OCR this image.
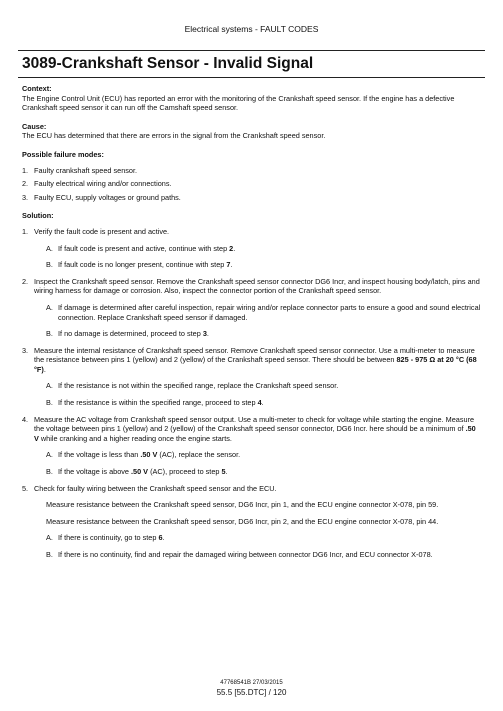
Electrical systems - FAULT CODES
3089-Crankshaft Sensor - Invalid Signal

Context:

The Engine Control Unit (ECU) has reported an error with the monitoring of the Crankshaft speed sensor. If the engine has a defective Crankshaft speed sensor it can run off the Camshaft speed sensor.

Cause:

The ECU has determined that there are errors in the signal from the Crankshaft speed sensor.

Possible failure modes:

1. Faulty crankshaft speed sensor.
2. Faulty electrical wiring and/or connections.
3. Faulty ECU, supply voltages or ground paths.

Solution:

1. Verify the fault code is present and active.
A. If fault code is present and active, continue with step 2.
B. If fault code is no longer present, continue with step 7.
2. Inspect the Crankshaft speed sensor. Remove the Crankshaft speed sensor connector DG6 Incr, and inspect housing body/latch, pins and wiring harness for damage or corrosion. Also, inspect the connector portion of the Crankshaft speed sensor.
A. If damage is determined after careful inspection, repair wiring and/or replace connector parts to ensure a good and sound electrical connection. Replace Crankshaft speed sensor if damaged.
B. If no damage is determined, proceed to step 3.
3. Measure the internal resistance of Crankshaft speed sensor. Remove Crankshaft speed sensor connector. Use a multi-meter to measure the resistance between pins 1 (yellow) and 2 (yellow) of the Crankshaft speed sensor. There should be between 825 - 975 Ω at 20 °C (68 °F).
A. If the resistance is not within the specified range, replace the Crankshaft speed sensor.
B. If the resistance is within the specified range, proceed to step 4.
4. Measure the AC voltage from Crankshaft speed sensor output. Use a multi-meter to check for voltage while starting the engine. Measure the voltage between pins 1 (yellow) and 2 (yellow) of the Crankshaft speed sensor connector, DG6 Incr. here should be a minimum of .50 V while cranking and a higher reading once the engine starts.
A. If the voltage is less than .50 V (AC), replace the sensor.
B. If the voltage is above .50 V (AC), proceed to step 5.
5. Check for faulty wiring between the Crankshaft speed sensor and the ECU.
Measure resistance between the Crankshaft speed sensor, DG6 Incr, pin 1, and the ECU engine connector X-078, pin 59.
Measure resistance between the Crankshaft speed sensor, DG6 Incr, pin 2, and the ECU engine connector X-078, pin 44.
A. If there is continuity, go to step 6.
B. If there is no continuity, find and repair the damaged wiring between connector DG6 Incr, and ECU connector X-078.
47768541B 27/03/2015
55.5 [55.DTC] / 120
